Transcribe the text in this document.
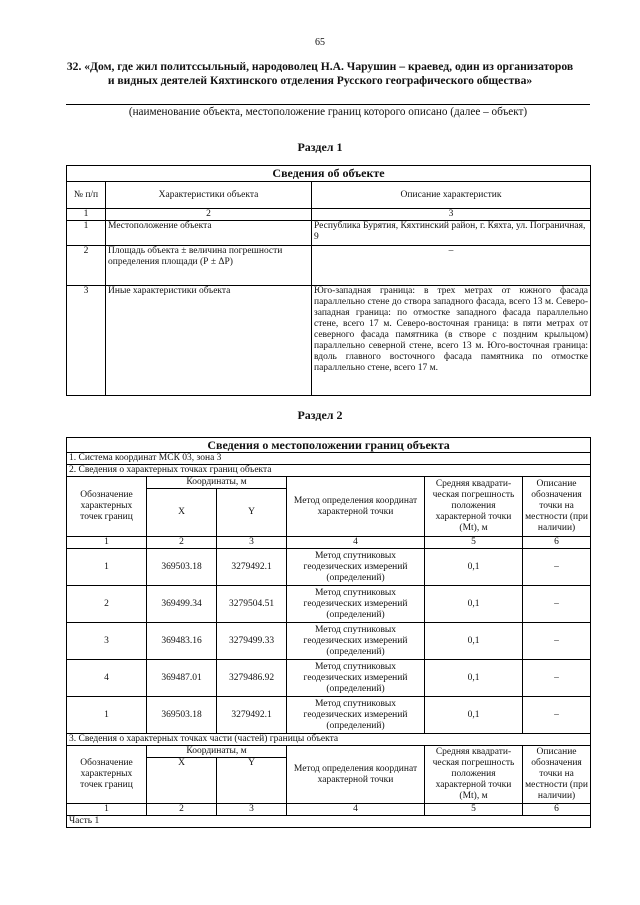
65
32. «Дом, где жил политссыльный, народоволец Н.А. Чарушин – краевед, один из организаторов и видных деятелей Кяхтинского отделения Русского географического общества»
(наименование объекта, местоположение границ которого описано (далее – объект)
Раздел 1
Сведения об объекте		
№ п/п	Характеристики объекта	Описание характеристик
1	2	3
1	Местоположение объекта	Республика Бурятия, Кяхтинский район, г. Кяхта, ул. Пограничная, 9
2	Площадь объекта ± величина погрешности определения площади (Р ± ΔР)	–
3	Иные характеристики объекта	Юго-западная граница: в трех метрах от южного фасада параллельно стене до створа западного фасада, всего 13 м. Северо-западная граница: по отмостке западного фасада параллельно стене, всего 17 м. Северо-восточная граница: в пяти метрах от северного фасада памятника (в створе с поздним крыльцом) параллельно северной стене, всего 13 м. Юго-восточная граница: вдоль главного восточного фасада памятника по отмостке параллельно стене, всего 17 м.
Раздел 2
Сведения о местоположении границ объекта					
1. Система координат МСК 03, зона 3					
2. Сведения о характерных точках границ объекта					
Обозначение характерных точек границ	Координаты, м		Метод определения координат характерной точки	Средняя квадрати-ческая погрешность положения характерной точки (Mt), м	Описание обозначения точки на местности (при наличии)
	X	Y			
1	2	3	4	5	6
1	369503.18	3279492.1	Метод спутниковых геодезических измерений (определений)	0,1	–
2	369499.34	3279504.51	Метод спутниковых геодезических измерений (определений)	0,1	–
3	369483.16	3279499.33	Метод спутниковых геодезических измерений (определений)	0,1	–
4	369487.01	3279486.92	Метод спутниковых геодезических измерений (определений)	0,1	–
1	369503.18	3279492.1	Метод спутниковых геодезических измерений (определений)	0,1	–
3. Сведения о характерных точках части (частей) границы объекта					
Обозначение характерных точек границ	Координаты, м		Метод определения координат характерной точки	Средняя квадрати-ческая погрешность положения характерной точки (Mt), м	Описание обозначения точки на местности (при наличии)
	X	Y			
1	2	3	4	5	6
Часть 1					
